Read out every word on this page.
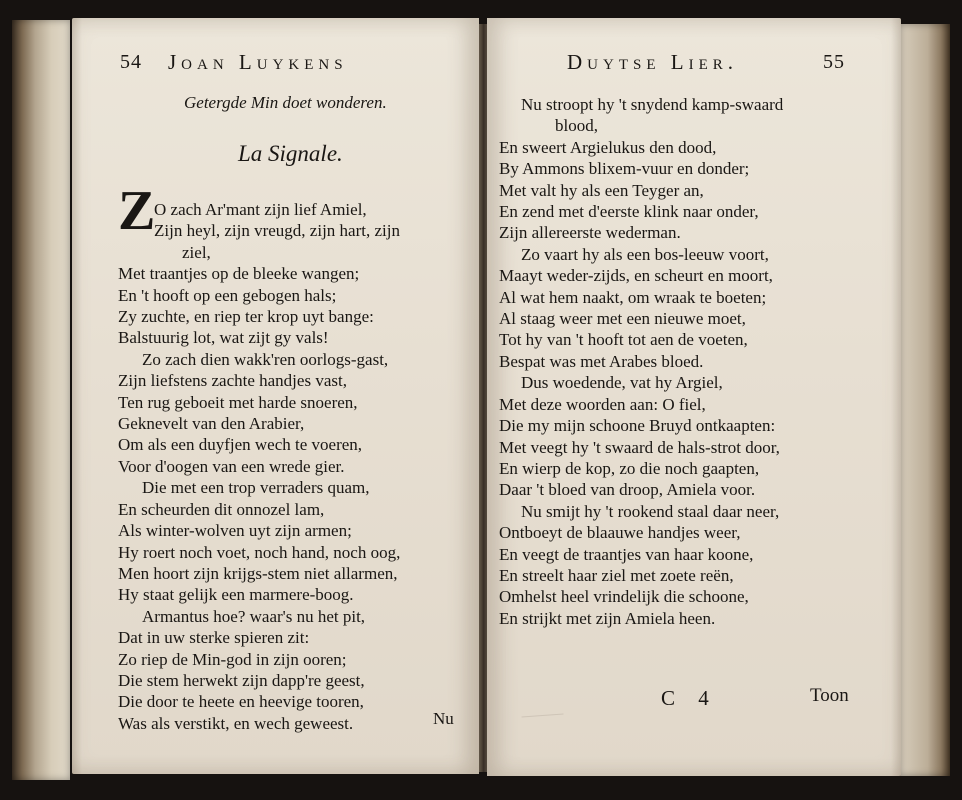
54 Joan Luykens
Getergde Min doet wonderen.
La Signale.
Z
O zach Ar'mant zijn lief Amiel,
Zijn heyl, zijn vreugd, zijn hart, zijn
ziel,
Met traantjes op de bleeke wangen;
En 't hooft op een gebogen hals;
Zy zuchte, en riep ter krop uyt bange:
Balstuurig lot, wat zijt gy vals!
Zo zach dien wakk'ren oorlogs-gast,
Zijn liefstens zachte handjes vast,
Ten rug geboeit met harde snoeren,
Geknevelt van den Arabier,
Om als een duyfjen wech te voeren,
Voor d'oogen van een wrede gier.
Die met een trop verraders quam,
En scheurden dit onnozel lam,
Als winter-wolven uyt zijn armen;
Hy roert noch voet, noch hand, noch oog,
Men hoort zijn krijgs-stem niet allarmen,
Hy staat gelijk een marmere-boog.
Armantus hoe? waar's nu het pit,
Dat in uw sterke spieren zit:
Zo riep de Min-god in zijn ooren;
Die stem herwekt zijn dapp're geest,
Die door te heete en heevige tooren,
Was als verstikt, en wech geweest.	Nu
Duytse Lier.	55
Nu stroopt hy 't snydend kamp-swaard
blood,
En sweert Argielukus den dood,
By Ammons blixem-vuur en donder;
Met valt hy als een Teyger an,
En zend met d'eerste klink naar onder,
Zijn allereerste wederman.
Zo vaart hy als een bos-leeuw voort,
Maayt weder-zijds, en scheurt en moort,
Al wat hem naakt, om wraak te boeten;
Al staag weer met een nieuwe moet,
Tot hy van 't hooft tot aen de voeten,
Bespat was met Arabes bloed.
Dus woedende, vat hy Argiel,
Met deze woorden aan: O fiel,
Die my mijn schoone Bruyd ontkaapten:
Met veegt hy 't swaard de hals-strot door,
En wierp de kop, zo die noch gaapten,
Daar 't bloed van droop, Amiela voor.
Nu smijt hy 't rookend staal daar neer,
Ontboeyt de blaauwe handjes weer,
En veegt de traantjes van haar koone,
En streelt haar ziel met zoete reën,
Omhelst heel vrindelijk die schoone,
En strijkt met zijn Amiela heen.
C 4	Toon
